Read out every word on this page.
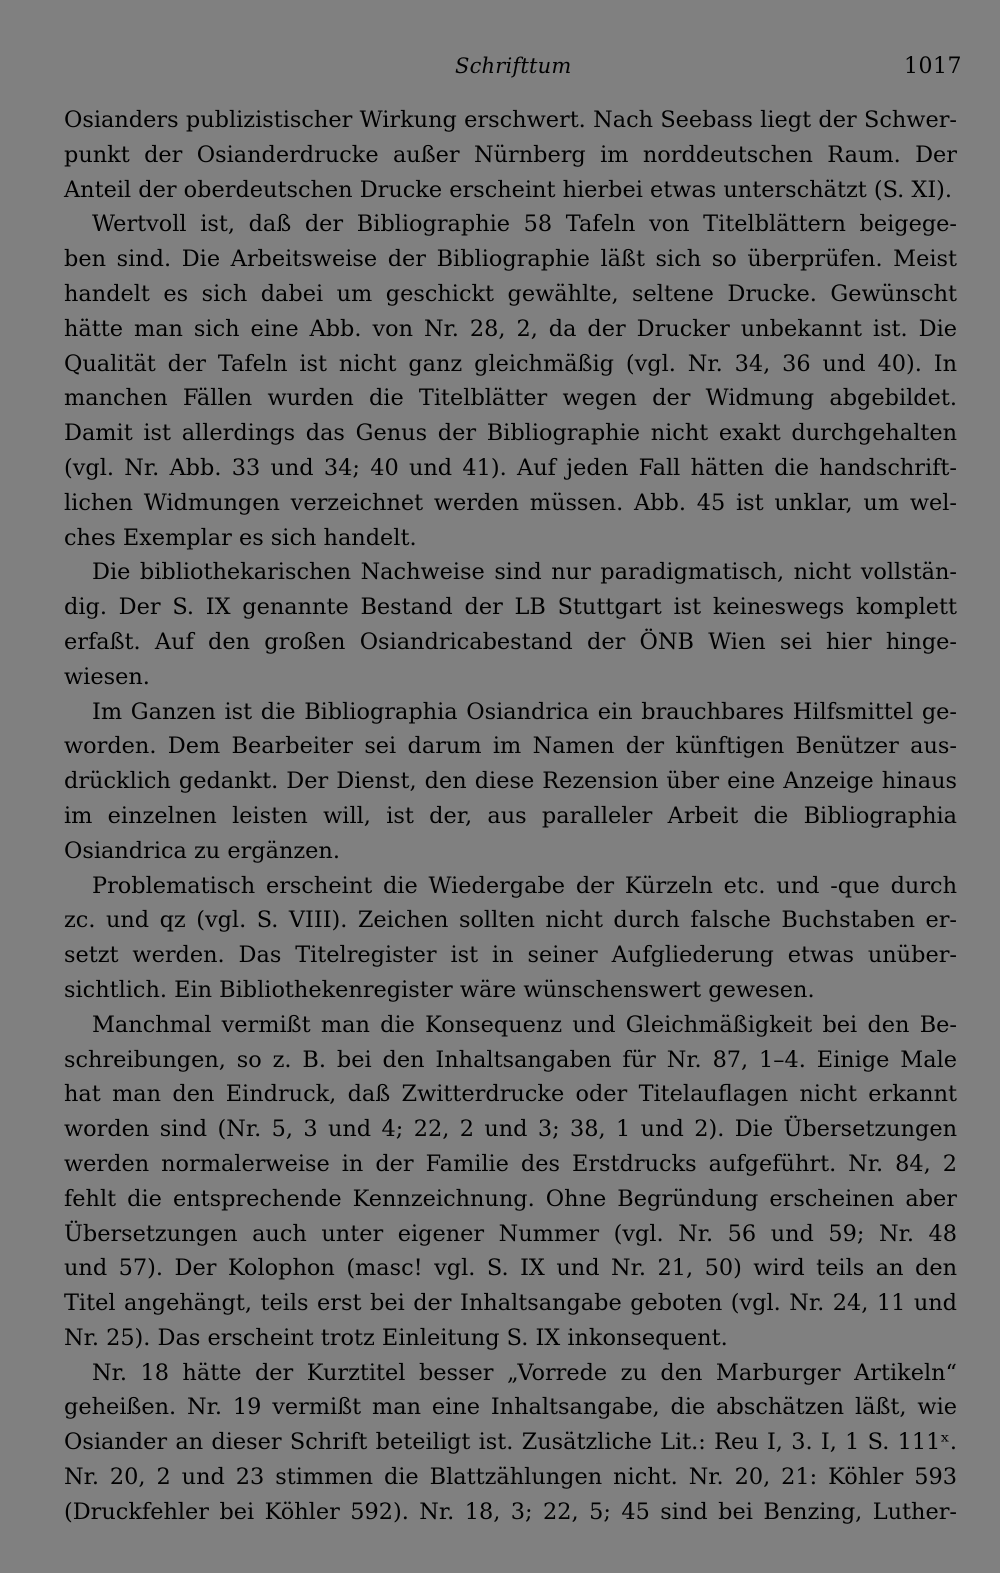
Schrifttum	1017
Osianders publizistischer Wirkung erschwert. Nach Seebass liegt der Schwer-
punkt der Osianderdrucke außer Nürnberg im norddeutschen Raum. Der
Anteil der oberdeutschen Drucke erscheint hierbei etwas unterschätzt (S. XI).
Wertvoll ist, daß der Bibliographie 58 Tafeln von Titelblättern beigege-
ben sind. Die Arbeitsweise der Bibliographie läßt sich so überprüfen. Meist
handelt es sich dabei um geschickt gewählte, seltene Drucke. Gewünscht
hätte man sich eine Abb. von Nr. 28, 2, da der Drucker unbekannt ist. Die
Qualität der Tafeln ist nicht ganz gleichmäßig (vgl. Nr. 34, 36 und 40). In
manchen Fällen wurden die Titelblätter wegen der Widmung abgebildet.
Damit ist allerdings das Genus der Bibliographie nicht exakt durchgehalten
(vgl. Nr. Abb. 33 und 34; 40 und 41). Auf jeden Fall hätten die handschrift-
lichen Widmungen verzeichnet werden müssen. Abb. 45 ist unklar, um wel-
ches Exemplar es sich handelt.
Die bibliothekarischen Nachweise sind nur paradigmatisch, nicht vollstän-
dig. Der S. IX genannte Bestand der LB Stuttgart ist keineswegs komplett
erfaßt. Auf den großen Osiandricabestand der ÖNB Wien sei hier hinge-
wiesen.
Im Ganzen ist die Bibliographia Osiandrica ein brauchbares Hilfsmittel ge-
worden. Dem Bearbeiter sei darum im Namen der künftigen Benützer aus-
drücklich gedankt. Der Dienst, den diese Rezension über eine Anzeige hinaus
im einzelnen leisten will, ist der, aus paralleler Arbeit die Bibliographia
Osiandrica zu ergänzen.
Problematisch erscheint die Wiedergabe der Kürzeln etc. und -que durch
zc. und qz (vgl. S. VIII). Zeichen sollten nicht durch falsche Buchstaben er-
setzt werden. Das Titelregister ist in seiner Aufgliederung etwas unüber-
sichtlich. Ein Bibliothekenregister wäre wünschenswert gewesen.
Manchmal vermißt man die Konsequenz und Gleichmäßigkeit bei den Be-
schreibungen, so z. B. bei den Inhaltsangaben für Nr. 87, 1–4. Einige Male
hat man den Eindruck, daß Zwitterdrucke oder Titelauflagen nicht erkannt
worden sind (Nr. 5, 3 und 4; 22, 2 und 3; 38, 1 und 2). Die Übersetzungen
werden normalerweise in der Familie des Erstdrucks aufgeführt. Nr. 84, 2
fehlt die entsprechende Kennzeichnung. Ohne Begründung erscheinen aber
Übersetzungen auch unter eigener Nummer (vgl. Nr. 56 und 59; Nr. 48
und 57). Der Kolophon (masc! vgl. S. IX und Nr. 21, 50) wird teils an den
Titel angehängt, teils erst bei der Inhaltsangabe geboten (vgl. Nr. 24, 11 und
Nr. 25). Das erscheint trotz Einleitung S. IX inkonsequent.
Nr. 18 hätte der Kurztitel besser „Vorrede zu den Marburger Artikeln“
geheißen. Nr. 19 vermißt man eine Inhaltsangabe, die abschätzen läßt, wie
Osiander an dieser Schrift beteiligt ist. Zusätzliche Lit.: Reu I, 3. I, 1 S. 111ˣ.
Nr. 20, 2 und 23 stimmen die Blattzählungen nicht. Nr. 20, 21: Köhler 593
(Druckfehler bei Köhler 592). Nr. 18, 3; 22, 5; 45 sind bei Benzing, Luther-
